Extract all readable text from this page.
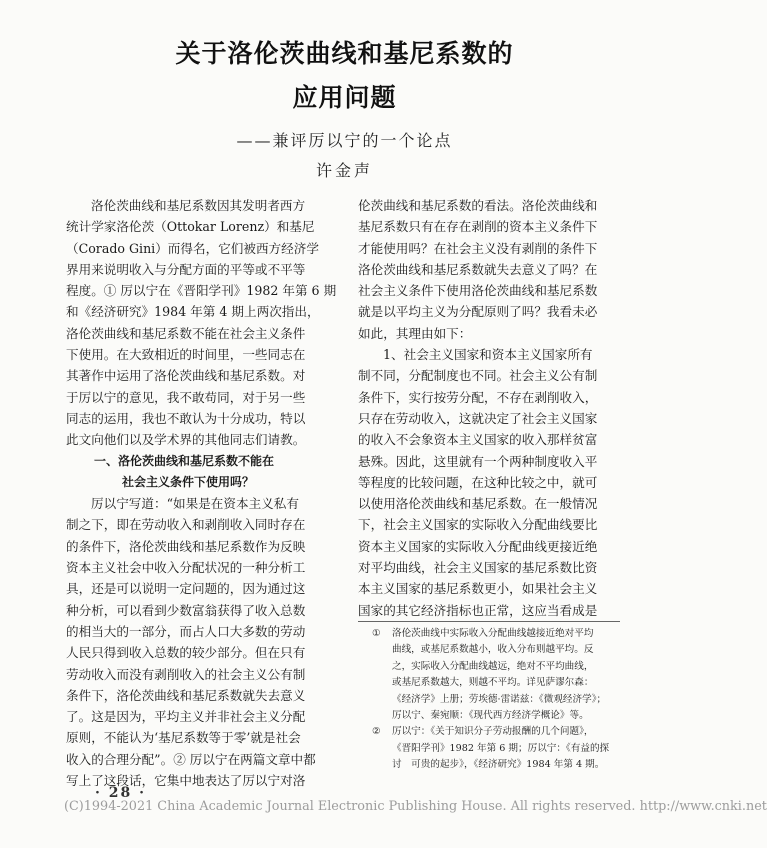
关于洛伦茨曲线和基尼系数的
应用问题
——兼评厉以宁的一个论点
许金声
洛伦茨曲线和基尼系数因其发明者西方
统计学家洛伦茨（Ottokar Lorenz）和基尼
（Corado Gini）而得名，它们被西方经济学
界用来说明收入与分配方面的平等或不平等
程度。① 厉以宁在《晋阳学刊》1982 年第 6 期
和《经济研究》1984 年第 4 期上两次指出，
洛伦茨曲线和基尼系数不能在社会主义条件
下使用。在大致相近的时间里，一些同志在
其著作中运用了洛伦茨曲线和基尼系数。对
于厉以宁的意见，我不敢苟同，对于另一些
同志的运用，我也不敢认为十分成功，特以
此文向他们以及学术界的其他同志们请教。
一、洛伦茨曲线和基尼系数不能在
社会主义条件下使用吗？
厉以宁写道：“如果是在资本主义私有
制之下，即在劳动收入和剥削收入同时存在
的条件下，洛伦茨曲线和基尼系数作为反映
资本主义社会中收入分配状况的一种分析工
具，还是可以说明一定问题的，因为通过这
种分析，可以看到少数富翁获得了收入总数
的相当大的一部分，而占人口大多数的劳动
人民只得到收入总数的较少部分。但在只有
劳动收入而没有剥削收入的社会主义公有制
条件下，洛伦茨曲线和基尼系数就失去意义
了。这是因为，平均主义并非社会主义分配
原则，不能认为‘基尼系数等于零’就是社会
收入的合理分配”。② 厉以宁在两篇文章中都
写上了这段话，它集中地表达了厉以宁对洛
伦茨曲线和基尼系数的看法。洛伦茨曲线和
基尼系数只有在存在剥削的资本主义条件下
才能使用吗？在社会主义没有剥削的条件下
洛伦茨曲线和基尼系数就失去意义了吗？在
社会主义条件下使用洛伦茨曲线和基尼系数
就是以平均主义为分配原则了吗？我看未必
如此，其理由如下：
1、社会主义国家和资本主义国家所有
制不同，分配制度也不同。社会主义公有制
条件下，实行按劳分配，不存在剥削收入，
只存在劳动收入，这就决定了社会主义国家
的收入不会象资本主义国家的收入那样贫富
悬殊。因此，这里就有一个两种制度收入平
等程度的比较问题，在这种比较之中，就可
以使用洛伦茨曲线和基尼系数。在一般情况
下，社会主义国家的实际收入分配曲线要比
资本主义国家的实际收入分配曲线更接近绝
对平均曲线，社会主义国家的基尼系数比资
本主义国家的基尼系数更小，如果社会主义
国家的其它经济指标也正常，这应当看成是
①	洛伦茨曲线中实际收入分配曲线越接近绝对平均
曲线，或基尼系数越小，收入分布则越平均。反
之，实际收入分配曲线越远，绝对不平均曲线，
或基尼系数越大，则越不平均。详见萨谬尔森：
《经济学》上册；劳埃德·雷诺兹：《微观经济学》；
厉以宁、秦宛顺：《现代西方经济学概论》等。
②	厉以宁：《关于知识分子劳动报酬的几个问题》，
《晋阳学刊》1982 年第 6 期；厉以宁：《有益的探
讨　可贵的起步》，《经济研究》1984 年第 4 期。
· 28 ·
(C)1994-2021 China Academic Journal Electronic Publishing House. All rights reserved. http://www.cnki.net
